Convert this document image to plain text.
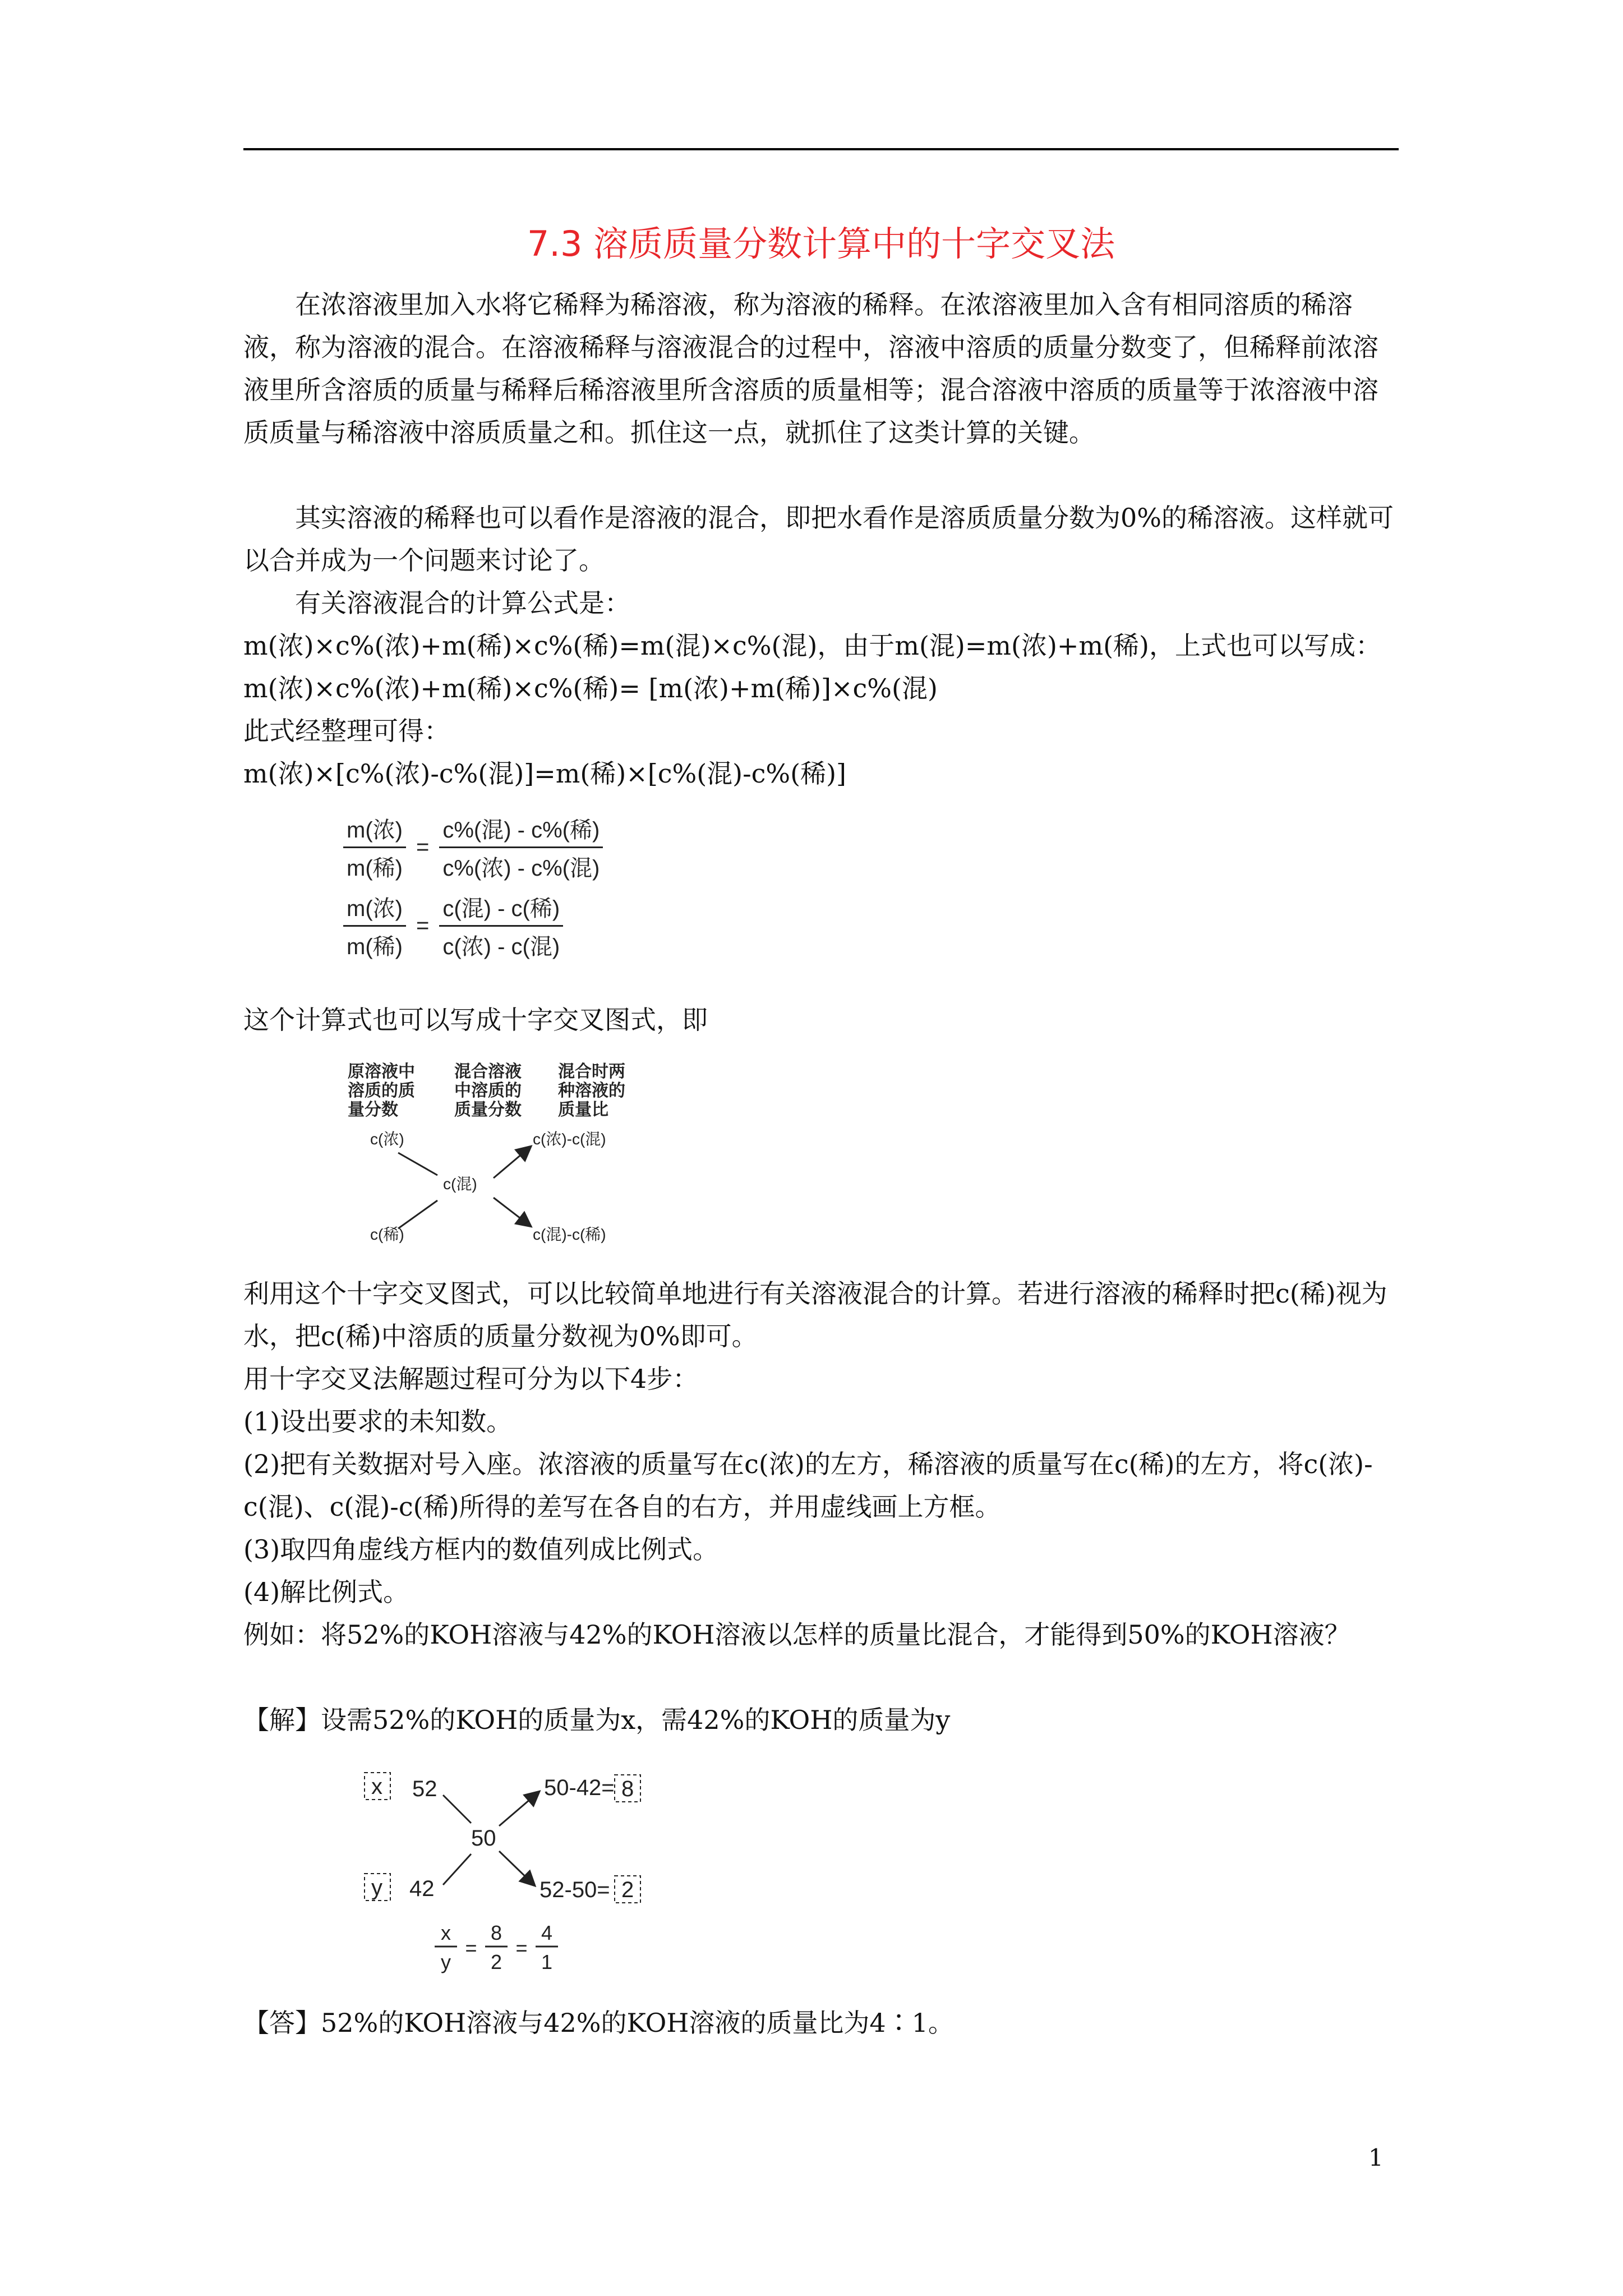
7.3 溶质质量分数计算中的十字交叉法
在浓溶液里加入水将它稀释为稀溶液，称为溶液的稀释。在浓溶液里加入含有相同溶质的稀溶液，称为溶液的混合。在溶液稀释与溶液混合的过程中，溶液中溶质的质量分数变了，但稀释前浓溶液里所含溶质的质量与稀释后稀溶液里所含溶质的质量相等；混合溶液中溶质的质量等于浓溶液中溶质质量与稀溶液中溶质质量之和。抓住这一点，就抓住了这类计算的关键。
其实溶液的稀释也可以看作是溶液的混合，即把水看作是溶质质量分数为0%的稀溶液。这样就可以合并成为一个问题来讨论了。
有关溶液混合的计算公式是：
m(浓)×c%(浓)+m(稀)×c%(稀)=m(混)×c%(混)，由于m(混)=m(浓)+m(稀)，上式也可以写成：m(浓)×c%(浓)+m(稀)×c%(稀)= [m(浓)+m(稀)]×c%(混)
此式经整理可得：
m(浓)×[c%(浓)-c%(混)]=m(稀)×[c%(混)-c%(稀)]
$\frac{\text{m(浓)}}{\text{m(稀)}} = \frac{\text{c\%(混) - c\%(稀)}}{\text{c\%(浓) - c\%(混)}}$
$\frac{\text{m(浓)}}{\text{m(稀)}} = \frac{\text{c(混) - c(稀)}}{\text{c(浓) - c(混)}}$
这个计算式也可以写成十字交叉图式，即
原溶液中
溶质的质
量分数
混合溶液
中溶质的
质量分数
混合时两
种溶液的
质量比
c(浓)
c(混)
c(稀)
c(浓)-c(混)
c(混)-c(稀)
利用这个十字交叉图式，可以比较简单地进行有关溶液混合的计算。若进行溶液的稀释时把c(稀)视为水，把c(稀)中溶质的质量分数视为0%即可。
用十字交叉法解题过程可分为以下4步：
(1)设出要求的未知数。
(2)把有关数据对号入座。浓溶液的质量写在c(浓)的左方，稀溶液的质量写在c(稀)的左方，将c(浓)-c(混)、c(混)-c(稀)所得的差写在各自的右方，并用虚线画上方框。
(3)取四角虚线方框内的数值列成比例式。
(4)解比例式。
例如：将52%的KOH溶液与42%的KOH溶液以怎样的质量比混合，才能得到50%的KOH溶液？
【解】设需52%的KOH的质量为x，需42%的KOH的质量为y
x 52
y 42
50
50-42= 8
52-50= 2
x
y
=
8
2
=
4
1
【答】52%的KOH溶液与42%的KOH溶液的质量比为4∶1。
1
